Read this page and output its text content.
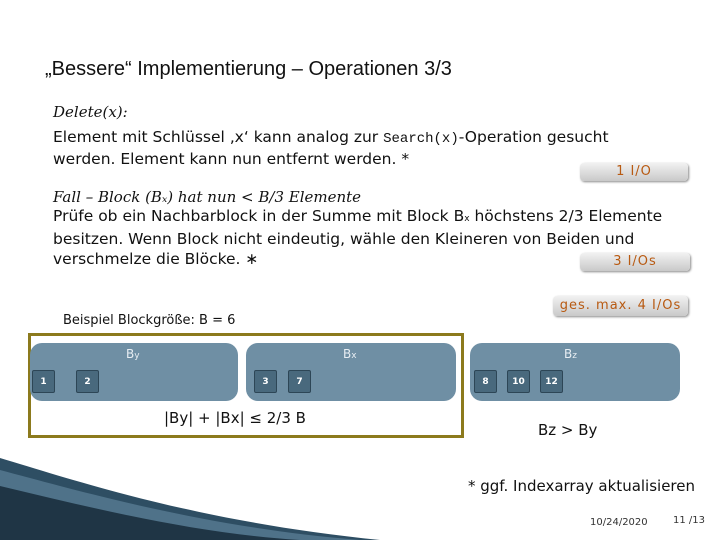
„Bessere“ Implementierung – Operationen 3/3
Delete(x):
Element mit Schlüssel ‚x‘ kann analog zur Search(x)-Operation gesucht
werden. Element kann nun entfernt werden. *
1 I/O
Fall – Block (Bₓ) hat nun < B/3 Elemente
Prüfe ob ein Nachbarblock in der Summe mit Block Bx höchstens 2/3 Elemente
besitzen. Wenn Block nicht eindeutig, wähle den Kleineren von Beiden und
verschmelze die Blöcke. ∗	3 I/Os
ges. max. 4 I/Os
Beispiel Blockgröße: B = 6
By
1	2
Bx
3	7
Bz
8	10	12
|By| + |Bx| ≤ 2/3 B
Bz > By
* ggf. Indexarray aktualisieren
10/24/2020	11 /13
